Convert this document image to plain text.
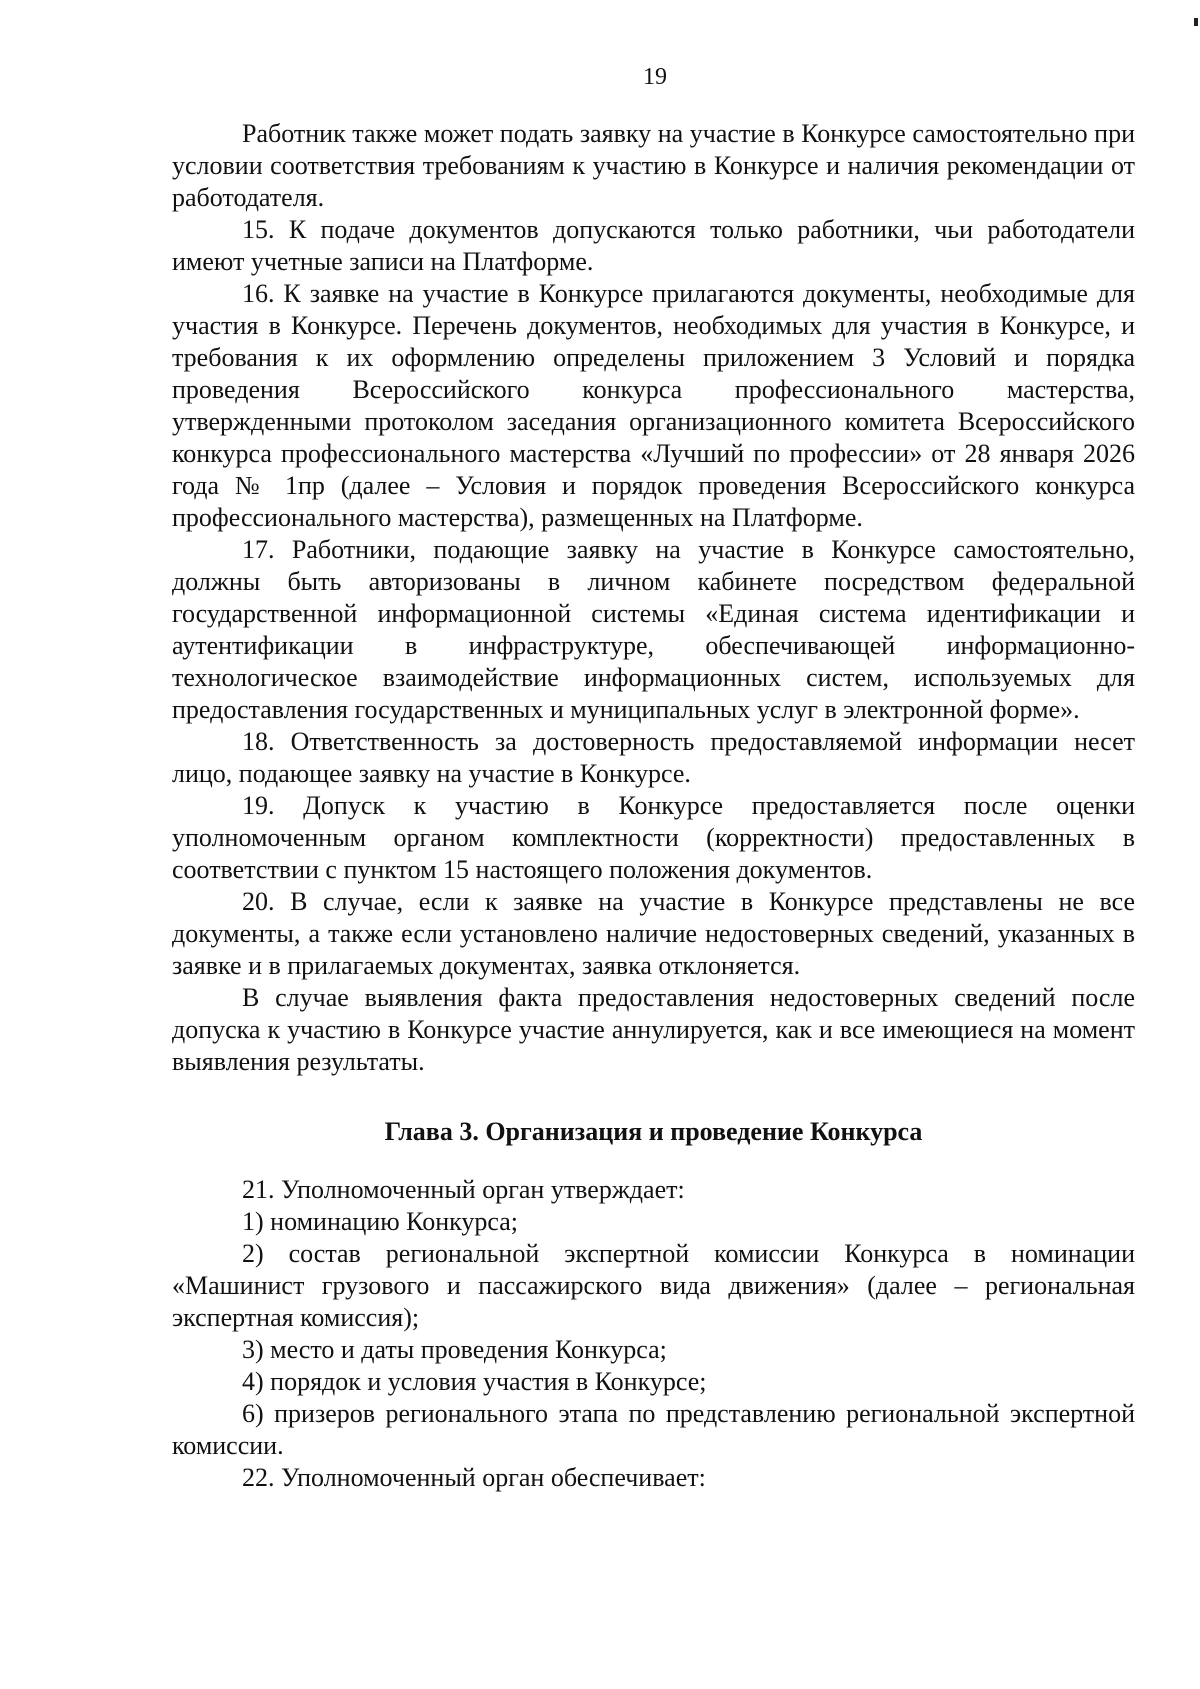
19

Работник также может подать заявку на участие в Конкурсе самостоятельно при условии соответствия требованиям к участию в Конкурсе и наличия рекомендации от работодателя.

15. К подаче документов допускаются только работники, чьи работодатели имеют учетные записи на Платформе.

16. К заявке на участие в Конкурсе прилагаются документы, необходимые для участия в Конкурсе. Перечень документов, необходимых для участия в Конкурсе, и требования к их оформлению определены приложением 3 Условий и порядка проведения Всероссийского конкурса профессионального мастерства, утвержденными протоколом заседания организационного комитета Всероссийского конкурса профессионального мастерства «Лучший по профессии» от 28 января 2026 года № 1пр (далее – Условия и порядок проведения Всероссийского конкурса профессионального мастерства), размещенных на Платформе.

17. Работники, подающие заявку на участие в Конкурсе самостоятельно, должны быть авторизованы в личном кабинете посредством федеральной государственной информационной системы «Единая система идентификации и аутентификации в инфраструктуре, обеспечивающей информационно-технологическое взаимодействие информационных систем, используемых для предоставления государственных и муниципальных услуг в электронной форме».

18. Ответственность за достоверность предоставляемой информации несет лицо, подающее заявку на участие в Конкурсе.

19. Допуск к участию в Конкурсе предоставляется после оценки уполномоченным органом комплектности (корректности) предоставленных в соответствии с пунктом 15 настоящего положения документов.

20. В случае, если к заявке на участие в Конкурсе представлены не все документы, а также если установлено наличие недостоверных сведений, указанных в заявке и в прилагаемых документах, заявка отклоняется.

В случае выявления факта предоставления недостоверных сведений после допуска к участию в Конкурсе участие аннулируется, как и все имеющиеся на момент выявления результаты.

Глава 3. Организация и проведение Конкурса

21. Уполномоченный орган утверждает:

1) номинацию Конкурса;

2) состав региональной экспертной комиссии Конкурса в номинации «Машинист грузового и пассажирского вида движения» (далее – региональная экспертная комиссия);

3) место и даты проведения Конкурса;

4) порядок и условия участия в Конкурсе;

6) призеров регионального этапа по представлению региональной экспертной комиссии.

22. Уполномоченный орган обеспечивает:
